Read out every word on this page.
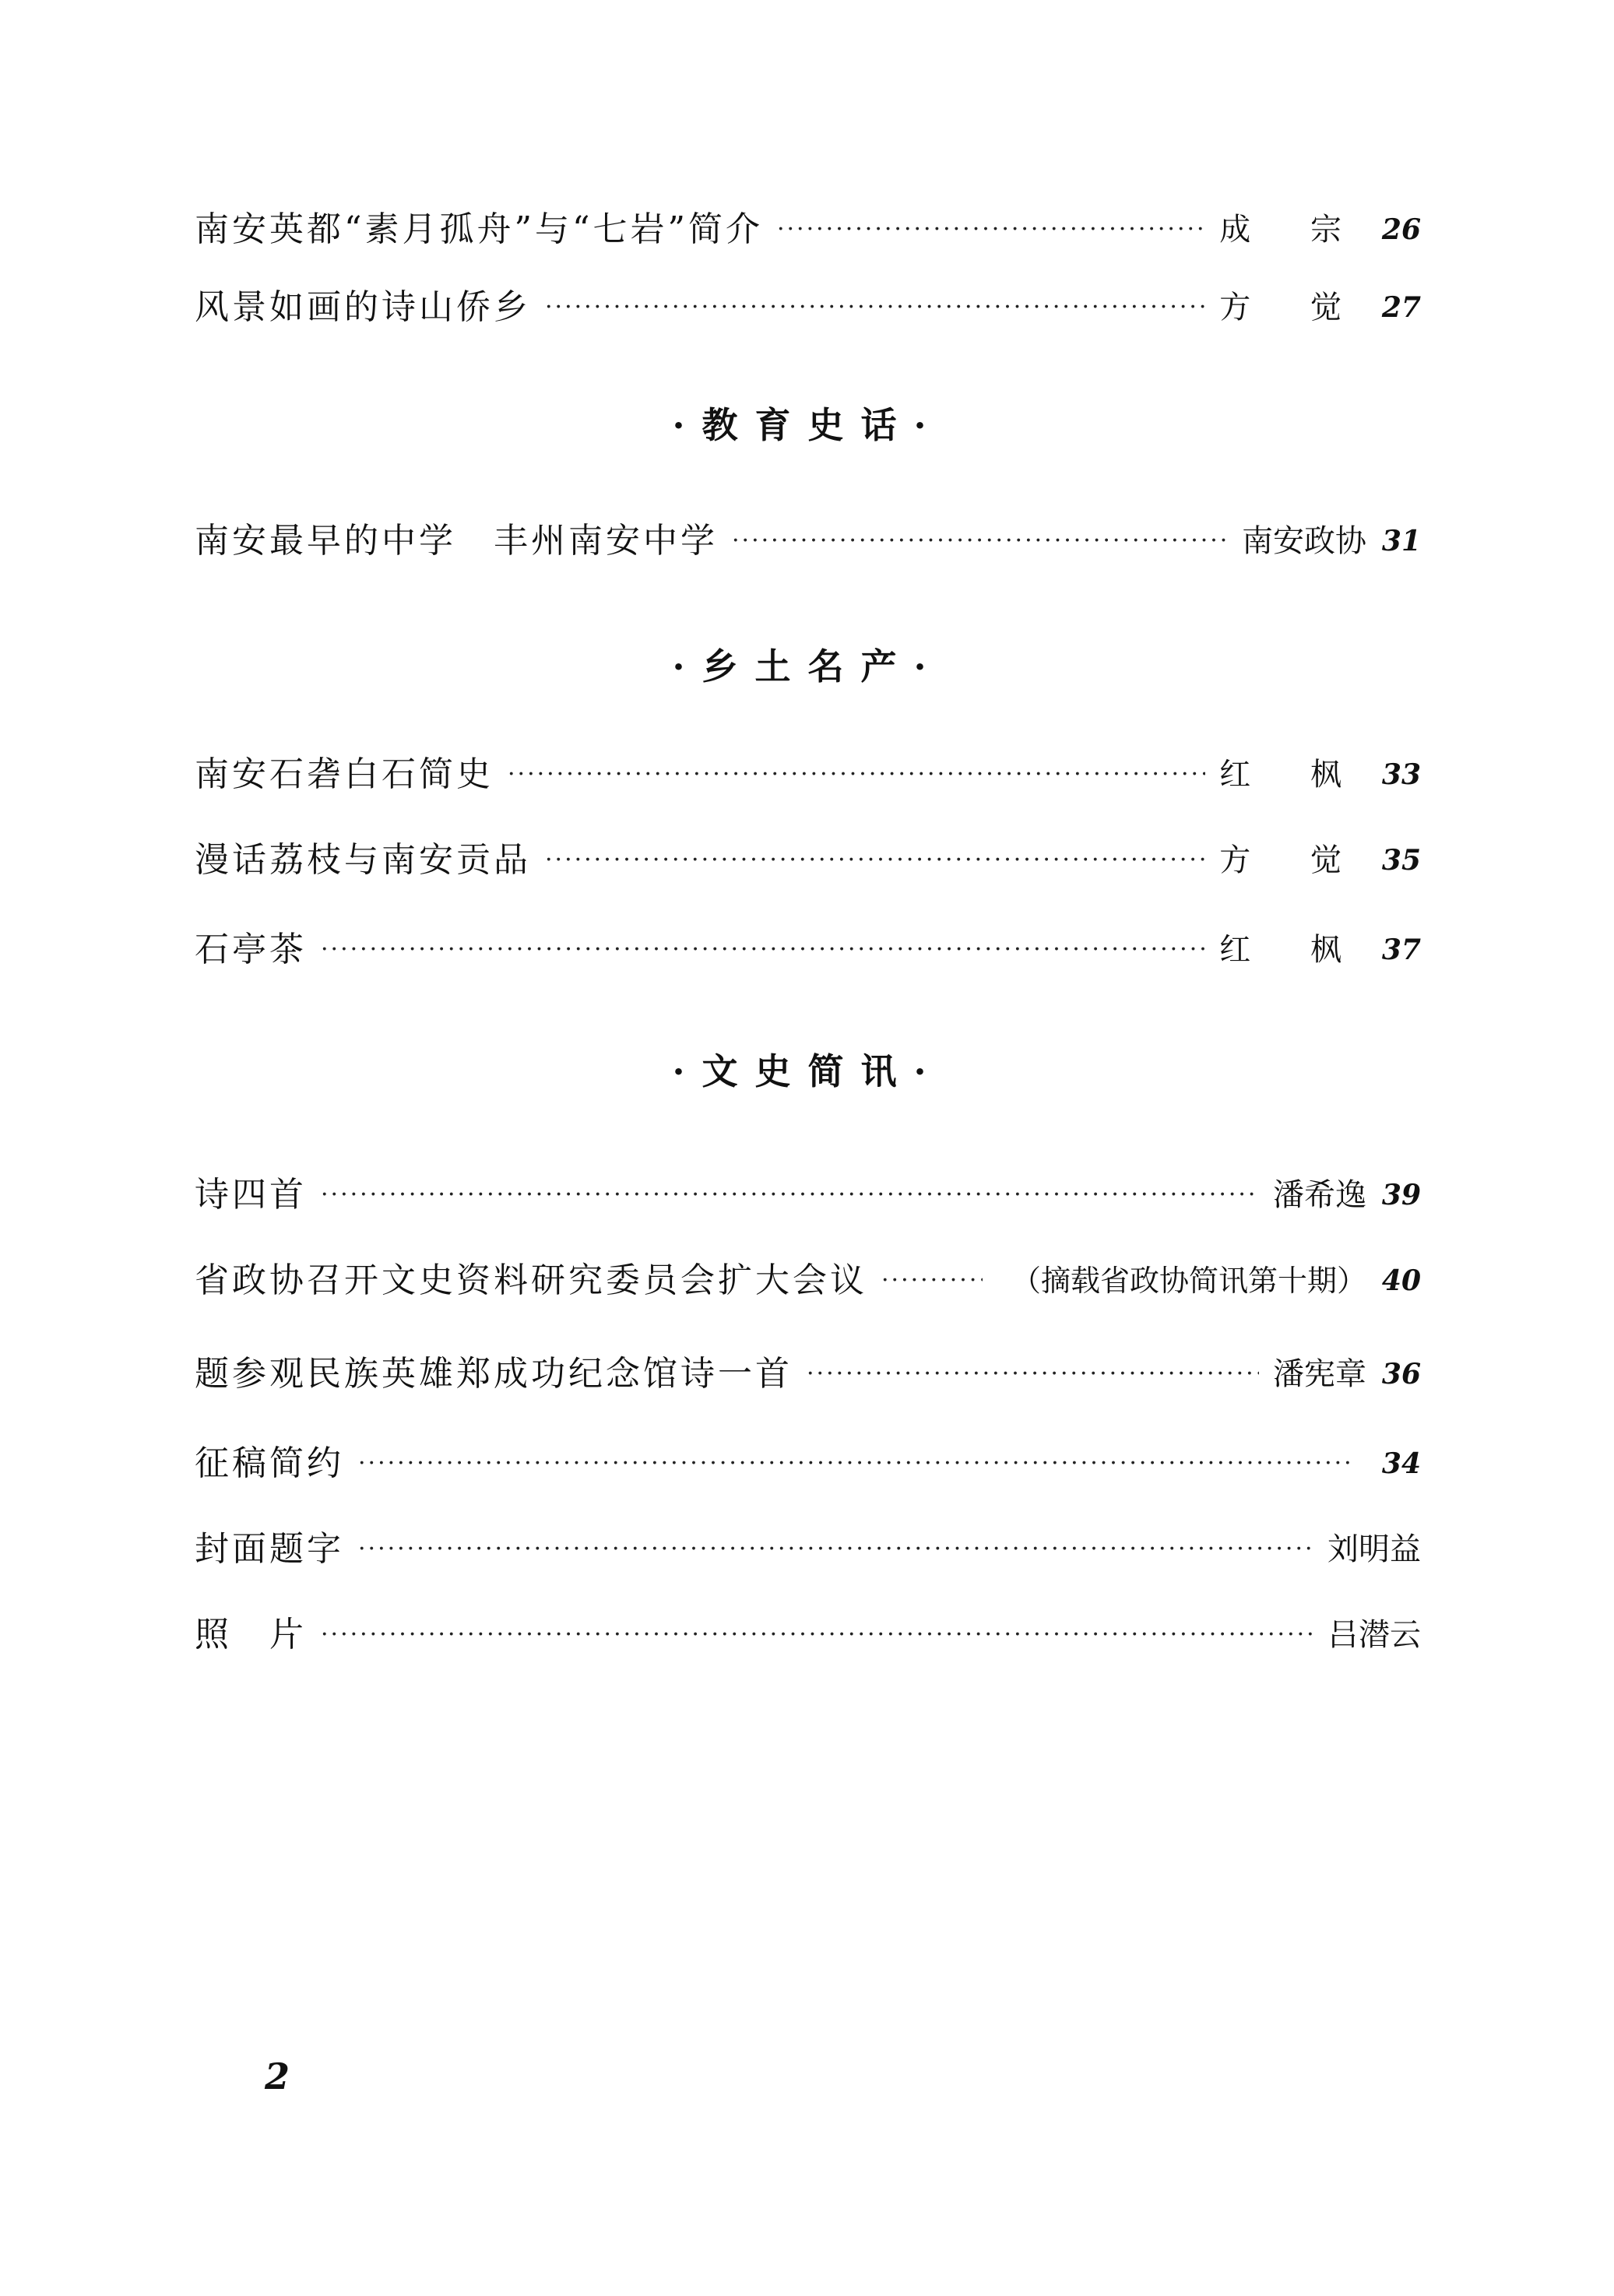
南安英都“素月孤舟”与“七岩”简介 ·····	成 宗 26
风景如画的诗山侨乡 ·····	方 觉 27
·教育史话·
南安最早的中学　丰州南安中学 ·····	南安政协 31
·乡土名产·
南安石砻白石简史 ·····	红 枫 33
漫话荔枝与南安贡品 ·····	方 觉 35
石亭茶 ·····	红 枫 37
·文史简讯·
诗四首 ·····	潘希逸 39
省政协召开文史资料研究委员会扩大会议 ·····	（摘载省政协简讯第十期） 40
题参观民族英雄郑成功纪念馆诗一首 ·····	潘宪章 36
征稿简约 ·····	34
封面题字 ·····	刘明益
照　片 ·····	吕潜云
2
